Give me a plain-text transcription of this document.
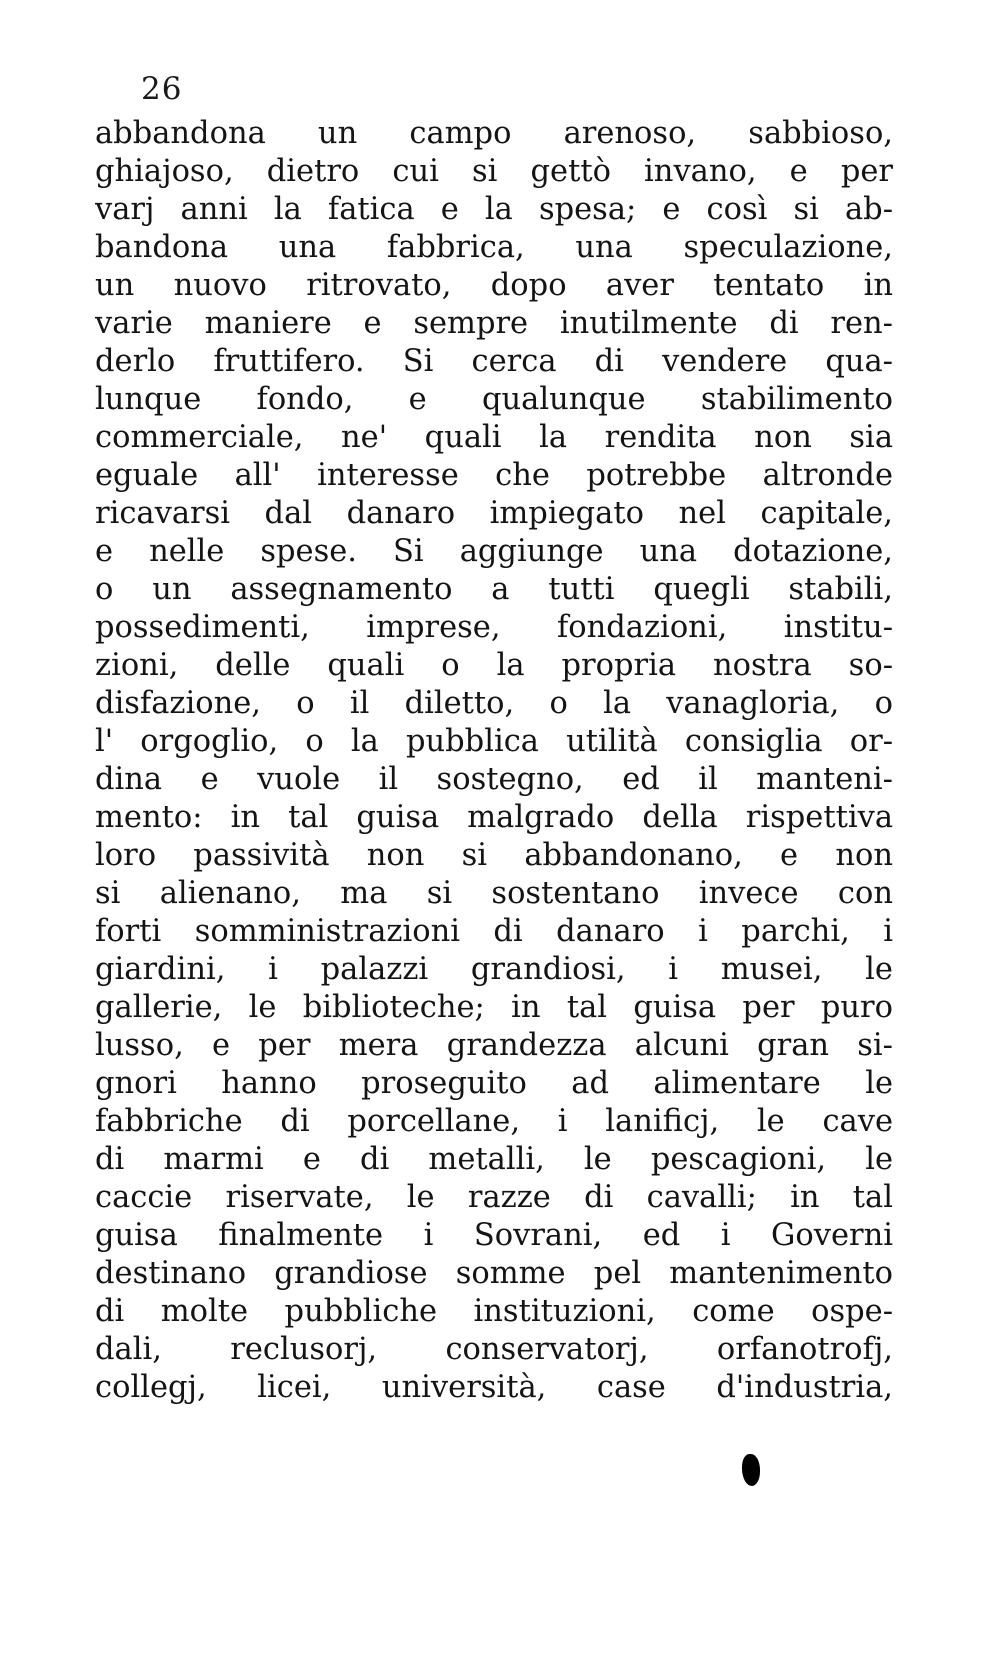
26
abbandona un campo arenoso, sabbioso,
ghiajoso, dietro cui si gettò invano, e per
varj anni la fatica e la spesa; e così si ab-
bandona una fabbrica, una speculazione,
un nuovo ritrovato, dopo aver tentato in
varie maniere e sempre inutilmente di ren-
derlo fruttifero. Si cerca di vendere qua-
lunque fondo, e qualunque stabilimento
commerciale, ne' quali la rendita non sia
eguale all' interesse che potrebbe altronde
ricavarsi dal danaro impiegato nel capitale,
e nelle spese. Si aggiunge una dotazione,
o un assegnamento a tutti quegli stabili,
possedimenti, imprese, fondazioni, institu-
zioni, delle quali o la propria nostra so-
disfazione, o il diletto, o la vanagloria, o
l' orgoglio, o la pubblica utilità consiglia or-
dina e vuole il sostegno, ed il manteni-
mento: in tal guisa malgrado della rispettiva
loro passività non si abbandonano, e non
si alienano, ma si sostentano invece con
forti somministrazioni di danaro i parchi, i
giardini, i palazzi grandiosi, i musei, le
gallerie, le biblioteche; in tal guisa per puro
lusso, e per mera grandezza alcuni gran si-
gnori hanno proseguito ad alimentare le
fabbriche di porcellane, i lanificj, le cave
di marmi e di metalli, le pescagioni, le
caccie riservate, le razze di cavalli; in tal
guisa finalmente i Sovrani, ed i Governi
destinano grandiose somme pel mantenimento
di molte pubbliche instituzioni, come ospe-
dali, reclusorj, conservatorj, orfanotrofj,
collegj, licei, università, case d'industria,
